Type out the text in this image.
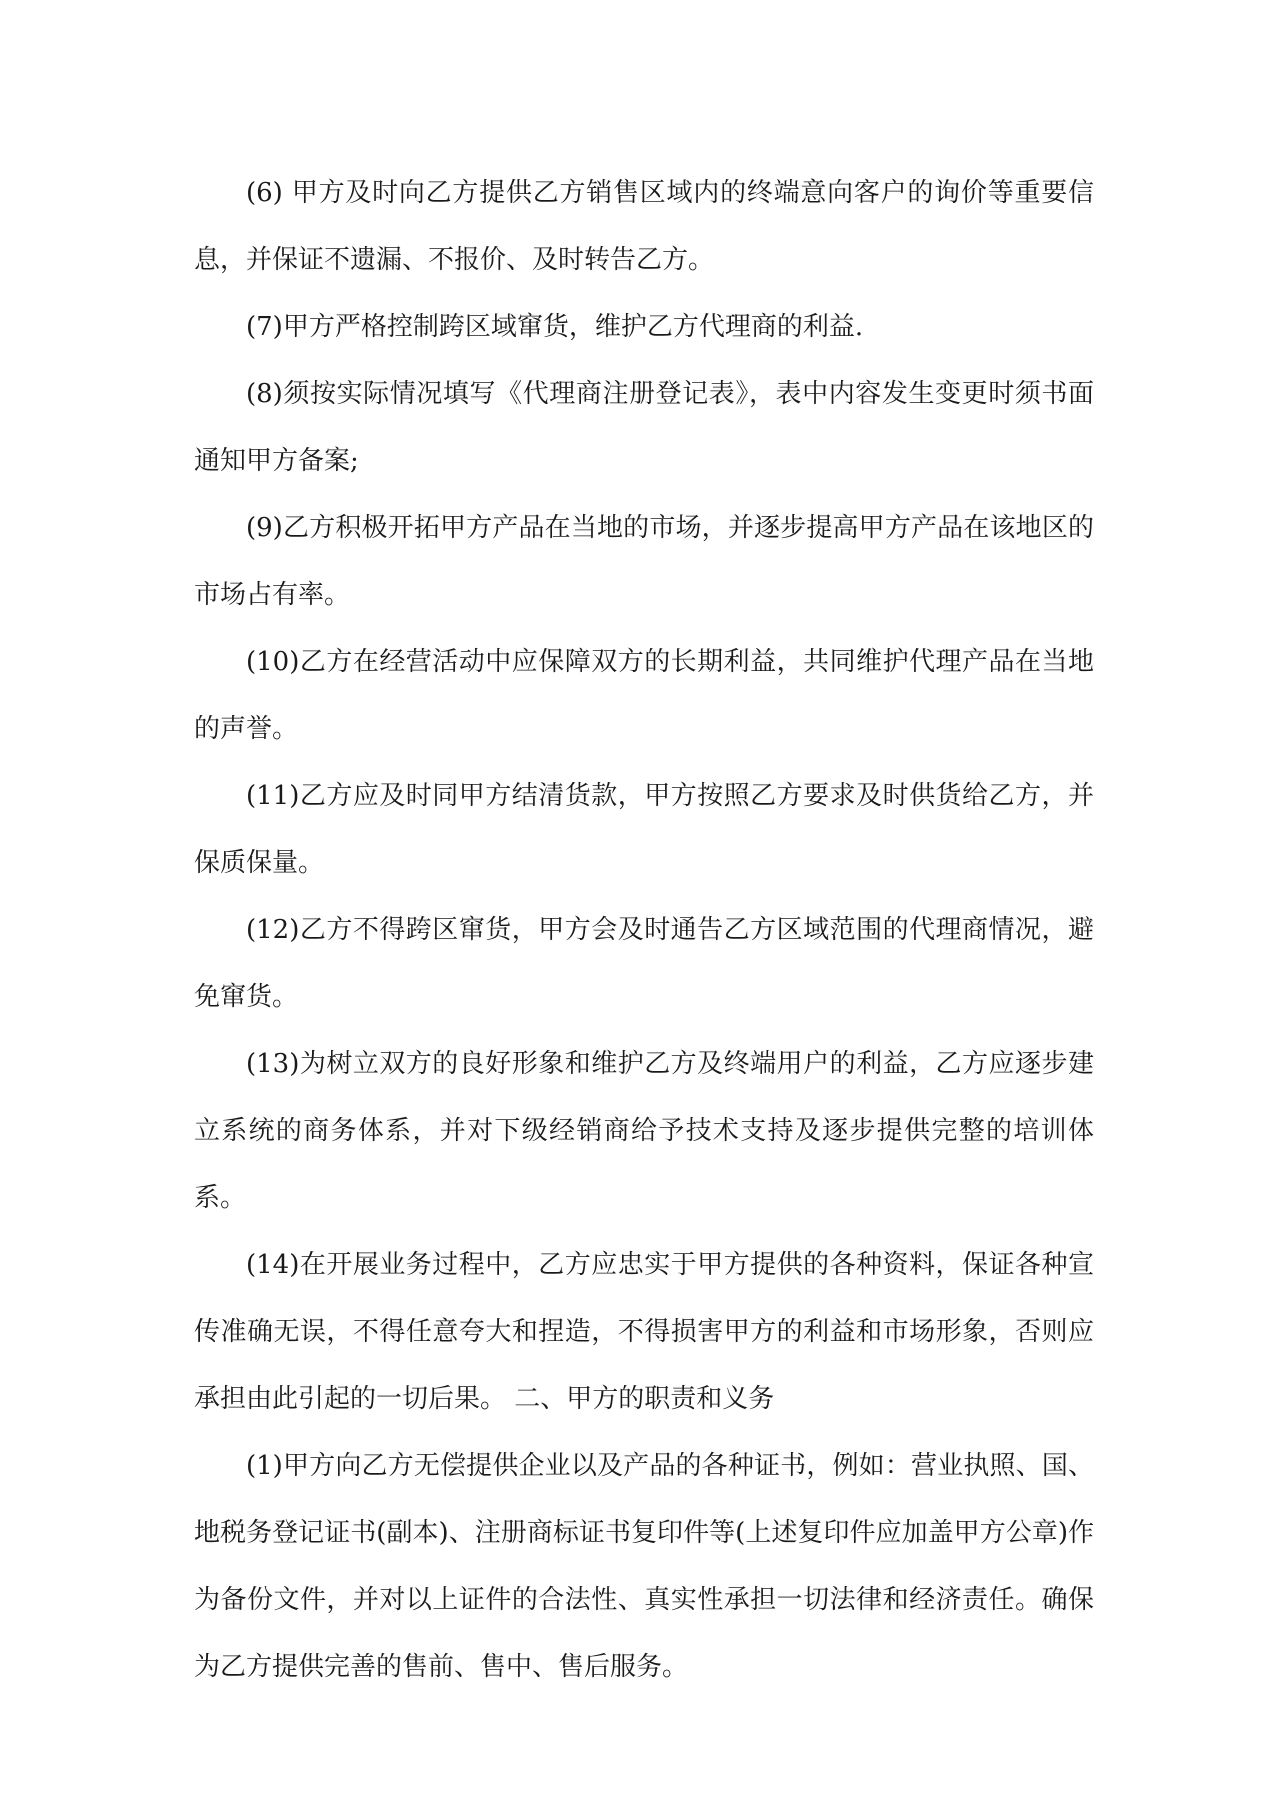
(6) 甲方及时向乙方提供乙方销售区域内的终端意向客户的询价等重要信息，并保证不遗漏、不报价、及时转告乙方。

(7)甲方严格控制跨区域窜货，维护乙方代理商的利益.

(8)须按实际情况填写《代理商注册登记表》，表中内容发生变更时须书面通知甲方备案;

(9)乙方积极开拓甲方产品在当地的市场，并逐步提高甲方产品在该地区的市场占有率。

(10)乙方在经营活动中应保障双方的长期利益，共同维护代理产品在当地的声誉。

(11)乙方应及时同甲方结清货款，甲方按照乙方要求及时供货给乙方，并保质保量。

(12)乙方不得跨区窜货，甲方会及时通告乙方区域范围的代理商情况，避免窜货。

(13)为树立双方的良好形象和维护乙方及终端用户的利益，乙方应逐步建立系统的商务体系，并对下级经销商给予技术支持及逐步提供完整的培训体系。

(14)在开展业务过程中，乙方应忠实于甲方提供的各种资料，保证各种宣传准确无误，不得任意夸大和捏造，不得损害甲方的利益和市场形象，否则应承担由此引起的一切后果。 二、甲方的职责和义务

(1)甲方向乙方无偿提供企业以及产品的各种证书，例如：营业执照、国、地税务登记证书(副本)、注册商标证书复印件等(上述复印件应加盖甲方公章)作为备份文件，并对以上证件的合法性、真实性承担一切法律和经济责任。确保为乙方提供完善的售前、售中、售后服务。
